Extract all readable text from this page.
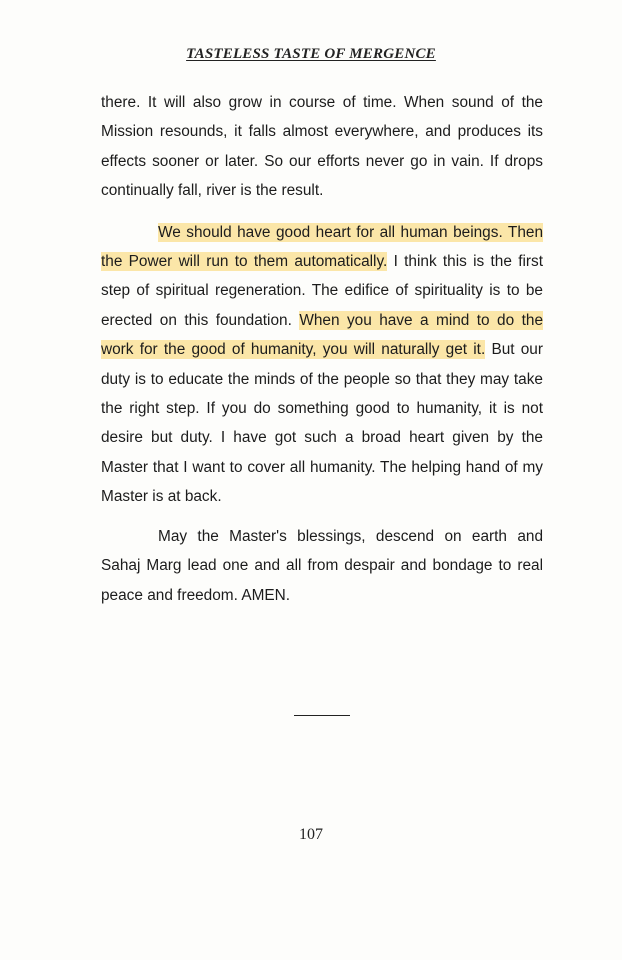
TASTELESS TASTE OF MERGENCE

there. It will also grow in course of time. When sound of the Mission resounds, it falls almost everywhere, and produces its effects sooner or later. So our efforts never go in vain. If drops continually fall, river is the result.

We should have good heart for all human beings. Then the Power will run to them automatically. I think this is the first step of spiritual regeneration. The edifice of spirituality is to be erected on this foundation. When you have a mind to do the work for the good of humanity, you will naturally get it. But our duty is to educate the minds of the people so that they may take the right step. If you do something good to humanity, it is not desire but duty. I have got such a broad heart given by the Master that I want to cover all humanity. The helping hand of my Master is at back.

May the Master's blessings, descend on earth and Sahaj Marg lead one and all from despair and bondage to real peace and freedom. AMEN.

107
